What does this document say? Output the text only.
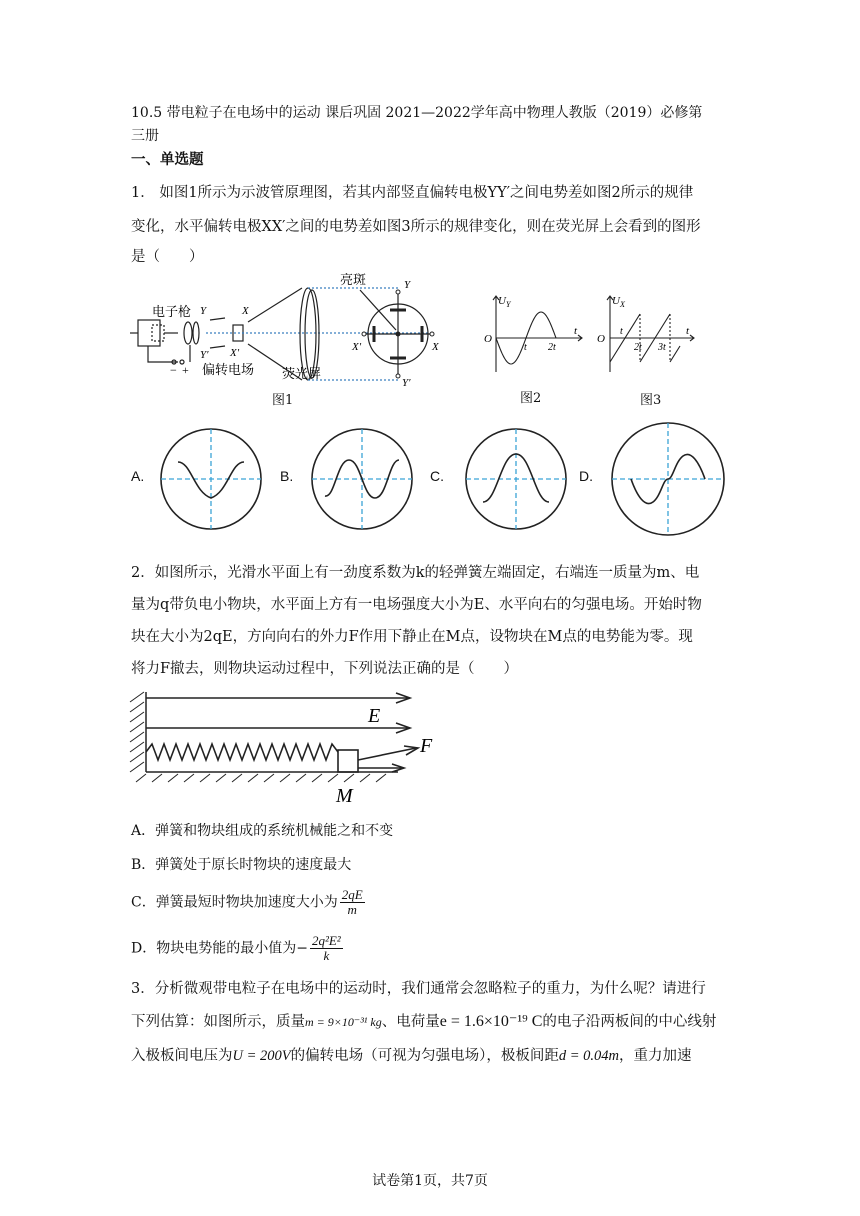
10.5 带电粒子在电场中的运动 课后巩固 2021—2022学年高中物理人教版（2019）必修第
三册
一、单选题
1． 如图1所示为示波管原理图，若其内部竖直偏转电极YY′之间电势差如图2所示的规律
变化，水平偏转电极XX′之间的电势差如图3所示的规律变化，则在荧光屏上会看到的图形
是（　　）
电子枪 Y	X
Y′ X′
− + 偏转电场 荧光屏
亮斑	Y
Y′
X′	X
图1
U Y
t
O
t 2t
图2
U X
t
O
t
2t 3t
图3
A.	B.	C.	D.
2．如图所示，光滑水平面上有一劲度系数为k的轻弹簧左端固定，右端连一质量为m、电
量为q带负电小物块，水平面上方有一电场强度大小为E、水平向右的匀强电场。开始时物
块在大小为2qE，方向向右的外力F作用下静止在M点，设物块在M点的电势能为零。现
将力F撤去，则物块运动过程中，下列说法正确的是（　　）
E
F
M
A．弹簧和物块组成的系统机械能之和不变
B．弹簧处于原长时物块的速度最大
C．弹簧最短时物块加速度大小为 $\frac{2qE}{m}$
D．物块电势能的最小值为− $\frac{\text{2q²E²}}{k}$
3．分析微观带电粒子在电场中的运动时，我们通常会忽略粒子的重力，为什么呢？请进行
下列估算：如图所示，质量m = 9×10⁻³¹ kg、电荷量e = 1.6×10⁻¹⁹ C的电子沿两板间的中心线射
入极板间电压为U = 200V的偏转电场（可视为匀强电场），极板间距d = 0.04m，重力加速
试卷第1页，共7页
